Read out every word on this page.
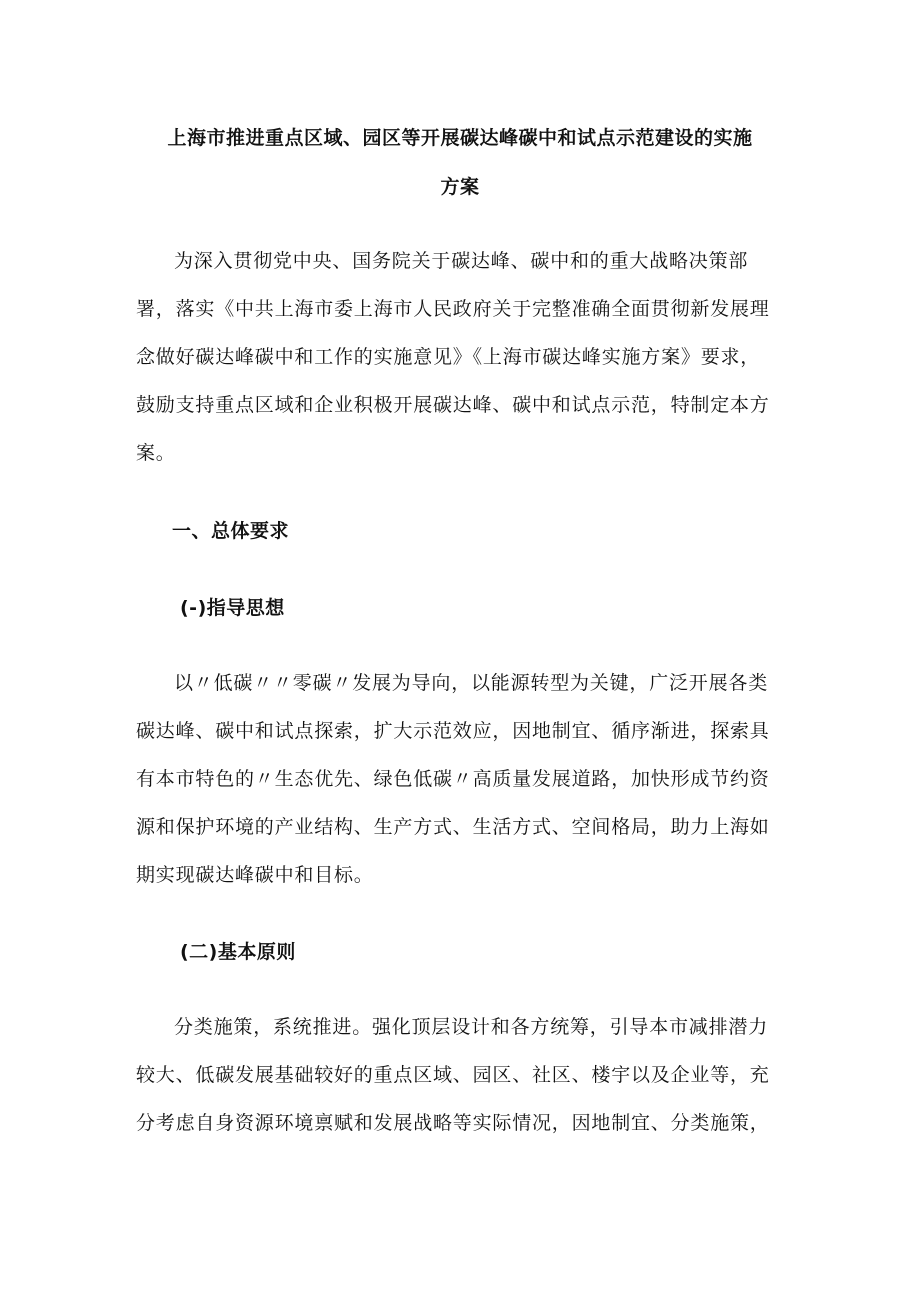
上海市推进重点区域、园区等开展碳达峰碳中和试点示范建设的实施
方案
为深入贯彻党中央、国务院关于碳达峰、碳中和的重大战略决策部
署，落实《中共上海市委上海市人民政府关于完整准确全面贯彻新发展理
念做好碳达峰碳中和工作的实施意见》《上海市碳达峰实施方案》要求，
鼓励支持重点区域和企业积极开展碳达峰、碳中和试点示范，特制定本方
案。
一、总体要求
(-)指导思想
以〃低碳〃〃零碳〃发展为导向，以能源转型为关键，广泛开展各类
碳达峰、碳中和试点探索，扩大示范效应，因地制宜、循序渐进，探索具
有本市特色的〃生态优先、绿色低碳〃高质量发展道路，加快形成节约资
源和保护环境的产业结构、生产方式、生活方式、空间格局，助力上海如
期实现碳达峰碳中和目标。
(二)基本原则
分类施策，系统推进。强化顶层设计和各方统筹，引导本市减排潜力
较大、低碳发展基础较好的重点区域、园区、社区、楼宇以及企业等，充
分考虑自身资源环境禀赋和发展战略等实际情况，因地制宜、分类施策，
